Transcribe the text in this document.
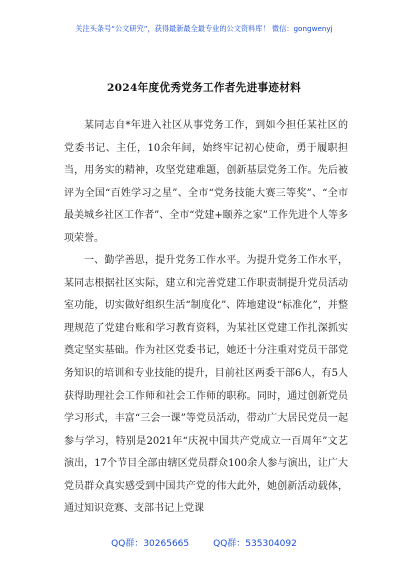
关注头条号“公文研究”，获得最新最全最专业的公文资料库！ 微信：gongwenyj
2024年度优秀党务工作者先进事迹材料

某同志自*年进入社区从事党务工作，到如今担任某社区的党委书记、主任，10余年间，始终牢记初心使命，勇于履职担当，用务实的精神，攻坚党建难题，创新基层党务工作。先后被评为全国“百姓学习之星”、全市“党务技能大赛三等奖”、“全市最美城乡社区工作者”、全市“党建+颐养之家”工作先进个人等多项荣誉。

一、勤学善思，提升党务工作水平。为提升党务工作水平，某同志根据社区实际，建立和完善党建工作职责制提升党员活动室功能，切实做好组织生活“制度化”、阵地建设“标准化”，并整理规范了党建台账和学习教育资料，为某社区党建工作扎深抓实奠定坚实基础。作为社区党委书记，她还十分注重对党员干部党务知识的培训和专业技能的提升，目前社区两委干部6人，有5人获得助理社会工作师和社会工作师的职称。同时，通过创新党员学习形式，丰富“三会一课”等党员活动，带动广大居民党员一起参与学习，特别是2021年“庆祝中国共产党成立一百周年”文艺演出，17个节目全部由辖区党员群众100余人参与演出，让广大党员群众真实感受到中国共产党的伟大此外，她创新活动载体，通过知识竞赛、支部书记上党课

QQ群：30265665	QQ群：535304092
